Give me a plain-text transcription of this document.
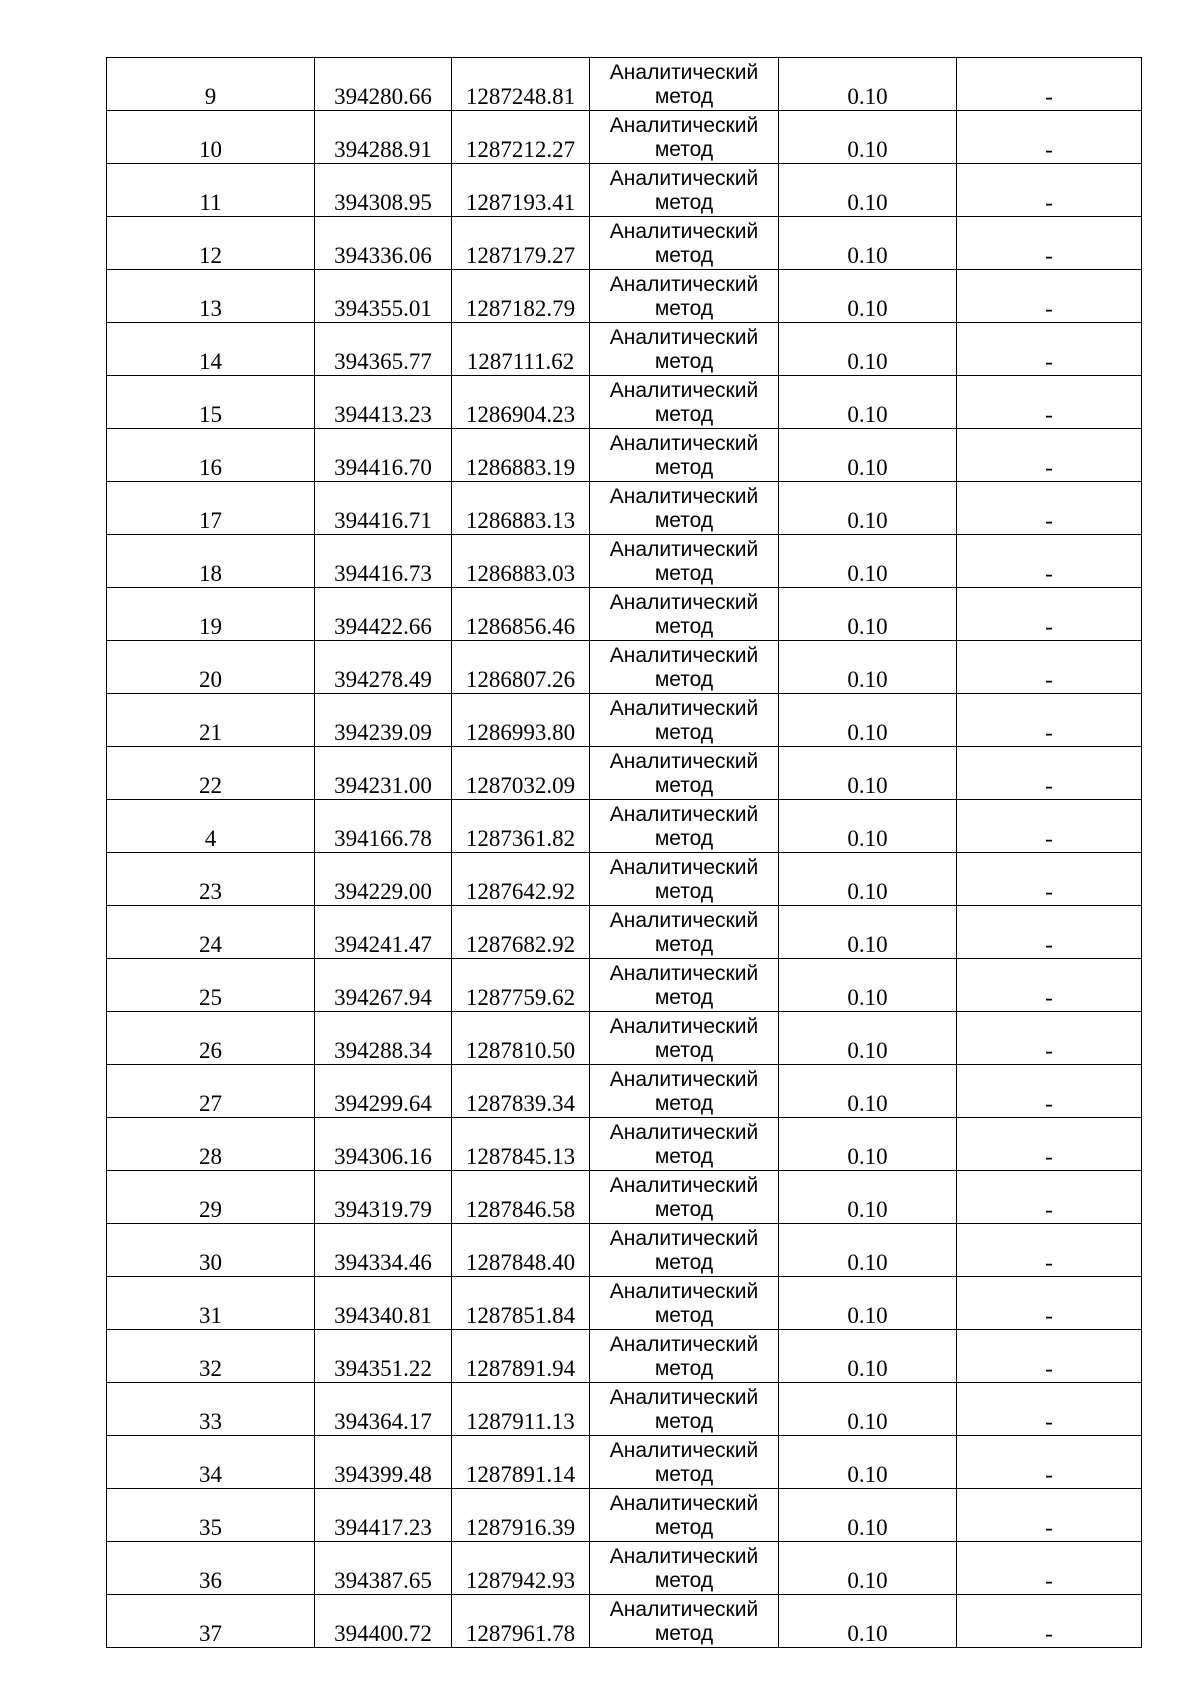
9	394280.66	1287248.81	Аналитический
метод	0.10	-
10	394288.91	1287212.27	Аналитический
метод	0.10	-
11	394308.95	1287193.41	Аналитический
метод	0.10	-
12	394336.06	1287179.27	Аналитический
метод	0.10	-
13	394355.01	1287182.79	Аналитический
метод	0.10	-
14	394365.77	1287111.62	Аналитический
метод	0.10	-
15	394413.23	1286904.23	Аналитический
метод	0.10	-
16	394416.70	1286883.19	Аналитический
метод	0.10	-
17	394416.71	1286883.13	Аналитический
метод	0.10	-
18	394416.73	1286883.03	Аналитический
метод	0.10	-
19	394422.66	1286856.46	Аналитический
метод	0.10	-
20	394278.49	1286807.26	Аналитический
метод	0.10	-
21	394239.09	1286993.80	Аналитический
метод	0.10	-
22	394231.00	1287032.09	Аналитический
метод	0.10	-
4	394166.78	1287361.82	Аналитический
метод	0.10	-
23	394229.00	1287642.92	Аналитический
метод	0.10	-
24	394241.47	1287682.92	Аналитический
метод	0.10	-
25	394267.94	1287759.62	Аналитический
метод	0.10	-
26	394288.34	1287810.50	Аналитический
метод	0.10	-
27	394299.64	1287839.34	Аналитический
метод	0.10	-
28	394306.16	1287845.13	Аналитический
метод	0.10	-
29	394319.79	1287846.58	Аналитический
метод	0.10	-
30	394334.46	1287848.40	Аналитический
метод	0.10	-
31	394340.81	1287851.84	Аналитический
метод	0.10	-
32	394351.22	1287891.94	Аналитический
метод	0.10	-
33	394364.17	1287911.13	Аналитический
метод	0.10	-
34	394399.48	1287891.14	Аналитический
метод	0.10	-
35	394417.23	1287916.39	Аналитический
метод	0.10	-
36	394387.65	1287942.93	Аналитический
метод	0.10	-
37	394400.72	1287961.78	Аналитический
метод	0.10	-
